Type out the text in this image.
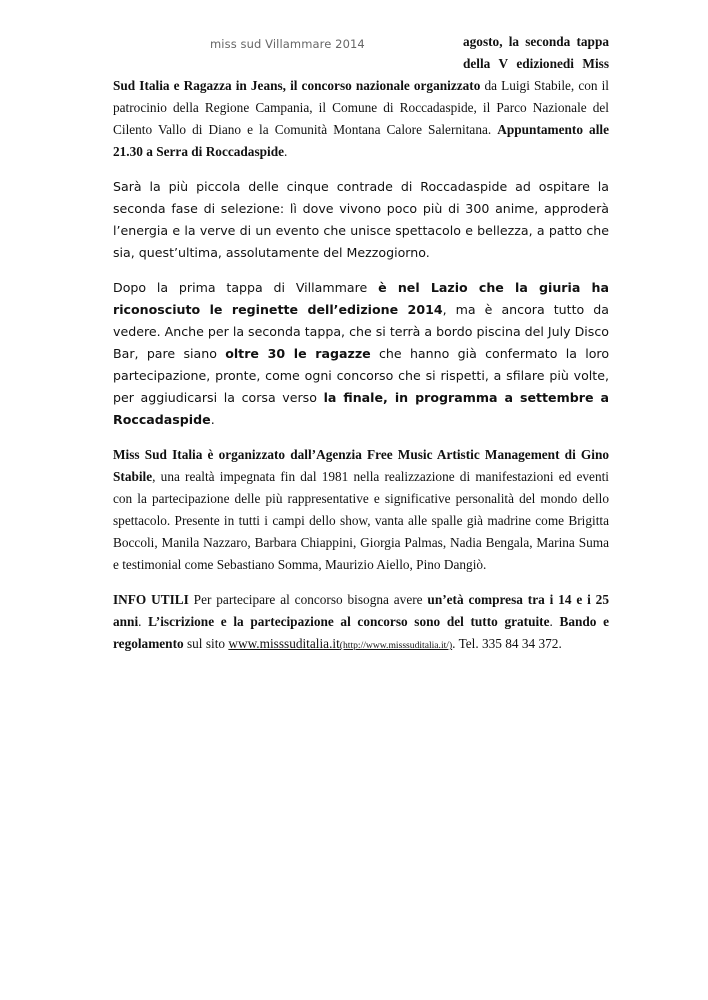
miss sud Villammare 2014	agosto, la seconda tappa
della V edizionedi Miss

Sud Italia e Ragazza in Jeans, il concorso nazionale organizzato da Luigi Stabile, con il patrocinio della Regione Campania, il Comune di Roccadaspide, il Parco Nazionale del Cilento Vallo di Diano e la Comunità Montana Calore Salernitana. Appuntamento alle 21.30 a Serra di Roccadaspide.

Sarà la più piccola delle cinque contrade di Roccadaspide ad ospitare la seconda fase di selezione: lì dove vivono poco più di 300 anime, approderà l’energia e la verve di un evento che unisce spettacolo e bellezza, a patto che sia, quest’ultima, assolutamente del Mezzogiorno.

Dopo la prima tappa di Villammare è nel Lazio che la giuria ha riconosciuto le reginette dell’edizione 2014, ma è ancora tutto da vedere. Anche per la seconda tappa, che si terrà a bordo piscina del July Disco Bar, pare siano oltre 30 le ragazze che hanno già confermato la loro partecipazione, pronte, come ogni concorso che si rispetti, a sfilare più volte, per aggiudicarsi la corsa verso la finale, in programma a settembre a Roccadaspide.

Miss Sud Italia è organizzato dall’Agenzia Free Music Artistic Management di Gino Stabile, una realtà impegnata fin dal 1981 nella realizzazione di manifestazioni ed eventi con la partecipazione delle più rappresentative e significative personalità del mondo dello spettacolo. Presente in tutti i campi dello show, vanta alle spalle già madrine come Brigitta Boccoli, Manila Nazzaro, Barbara Chiappini, Giorgia Palmas, Nadia Bengala, Marina Suma e testimonial come Sebastiano Somma, Maurizio Aiello, Pino Dangiò.

INFO UTILI Per partecipare al concorso bisogna avere un’età compresa tra i 14 e i 25 anni. L’iscrizione e la partecipazione al concorso sono del tutto gratuite. Bando e regolamento sul sito www.misssuditalia.it(http://www.misssuditalia.it/). Tel. 335 84 34 372.
